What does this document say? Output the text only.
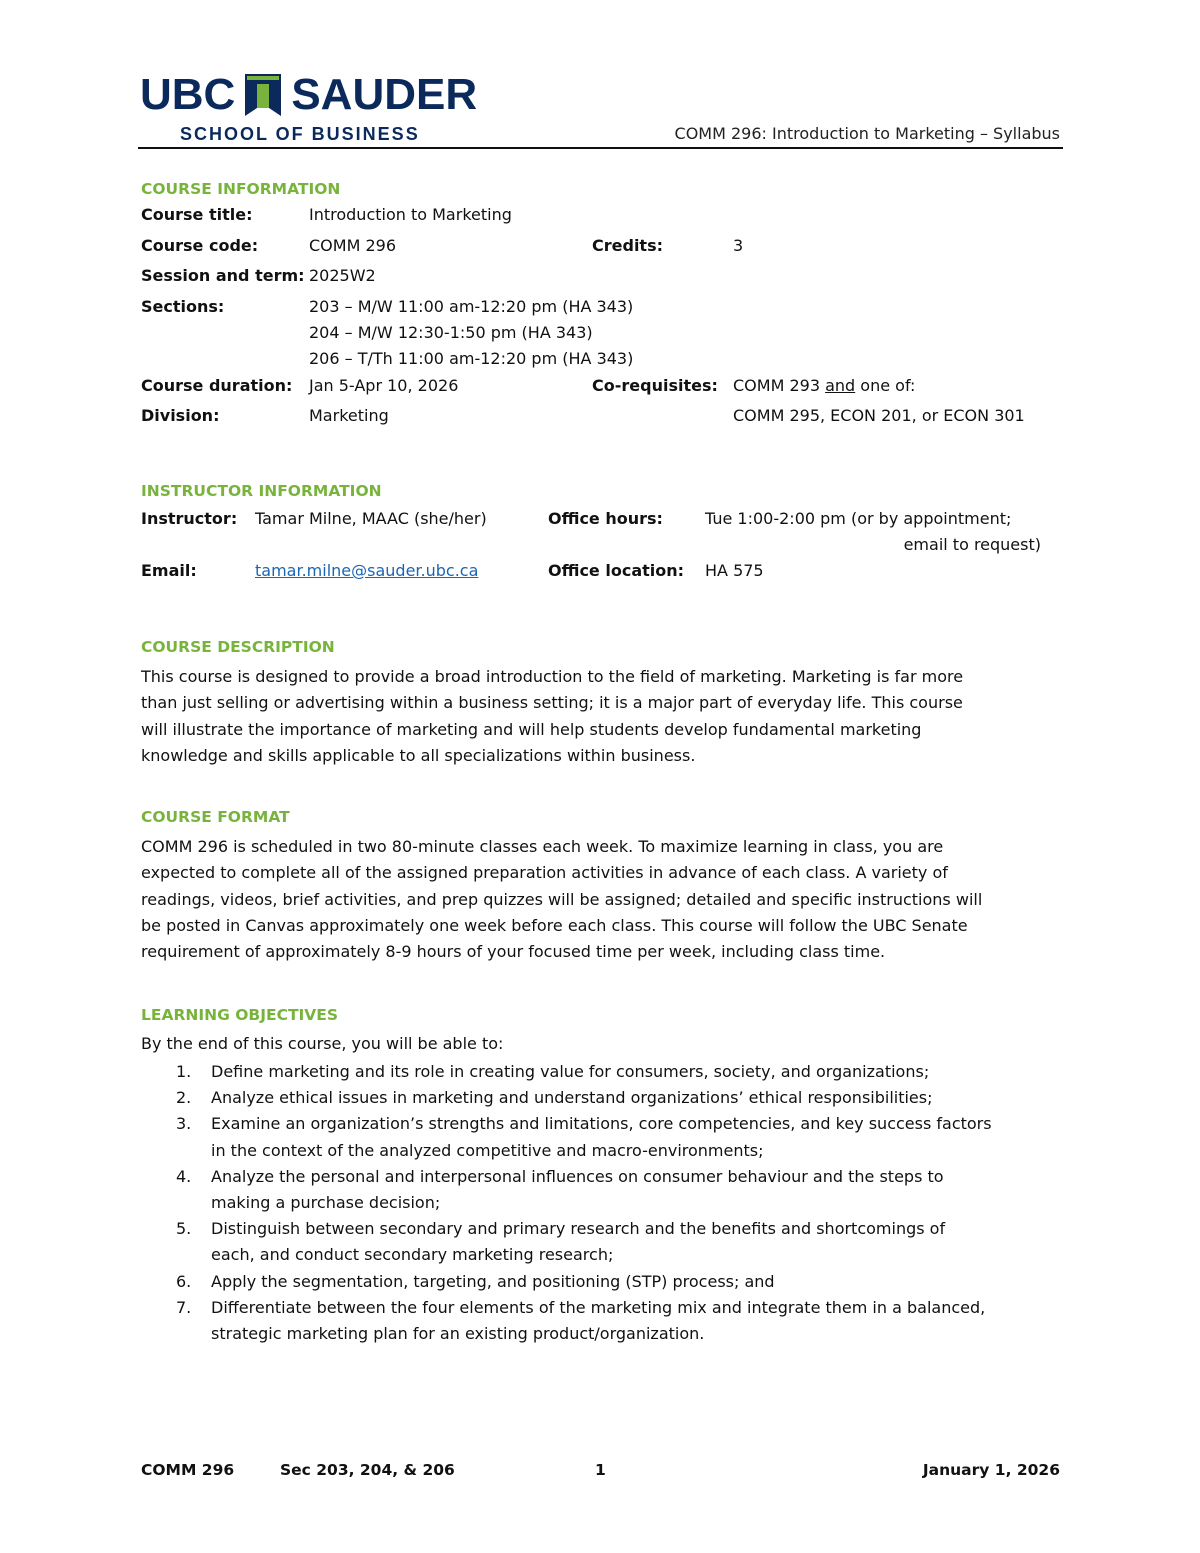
UBC SAUDER
SCHOOL OF BUSINESS	COMM 296: Introduction to Marketing – Syllabus
COURSE INFORMATION
Course title:	Introduction to Marketing
Course code:	COMM 296	Credits:	3
Session and term: 2025W2
Sections:	203 – M/W 11:00 am-12:20 pm (HA 343)
204 – M/W 12:30-1:50 pm (HA 343)
206 – T/Th 11:00 am-12:20 pm (HA 343)
Course duration: Jan 5-Apr 10, 2026	Co-requisites: COMM 293 and one of:
Division:	Marketing	COMM 295, ECON 201, or ECON 301
INSTRUCTOR INFORMATION
Instructor: Tamar Milne, MAAC (she/her)	Office hours:	Tue 1:00-2:00 pm (or by appointment;
email to request)
Email:	tamar.milne@sauder.ubc.ca	Office location: HA 575
COURSE DESCRIPTION
This course is designed to provide a broad introduction to the field of marketing. Marketing is far more
than just selling or advertising within a business setting; it is a major part of everyday life. This course
will illustrate the importance of marketing and will help students develop fundamental marketing
knowledge and skills applicable to all specializations within business.
COURSE FORMAT
COMM 296 is scheduled in two 80-minute classes each week. To maximize learning in class, you are
expected to complete all of the assigned preparation activities in advance of each class. A variety of
readings, videos, brief activities, and prep quizzes will be assigned; detailed and specific instructions will
be posted in Canvas approximately one week before each class. This course will follow the UBC Senate
requirement of approximately 8-9 hours of your focused time per week, including class time.
LEARNING OBJECTIVES
By the end of this course, you will be able to:
1. Define marketing and its role in creating value for consumers, society, and organizations;
2. Analyze ethical issues in marketing and understand organizations’ ethical responsibilities;
3. Examine an organization’s strengths and limitations, core competencies, and key success factors
in the context of the analyzed competitive and macro-environments;
4. Analyze the personal and interpersonal influences on consumer behaviour and the steps to
making a purchase decision;
5. Distinguish between secondary and primary research and the benefits and shortcomings of
each, and conduct secondary marketing research;
6. Apply the segmentation, targeting, and positioning (STP) process; and
7. Differentiate between the four elements of the marketing mix and integrate them in a balanced,
strategic marketing plan for an existing product/organization.
COMM 296	Sec 203, 204, & 206	1	January 1, 2026
